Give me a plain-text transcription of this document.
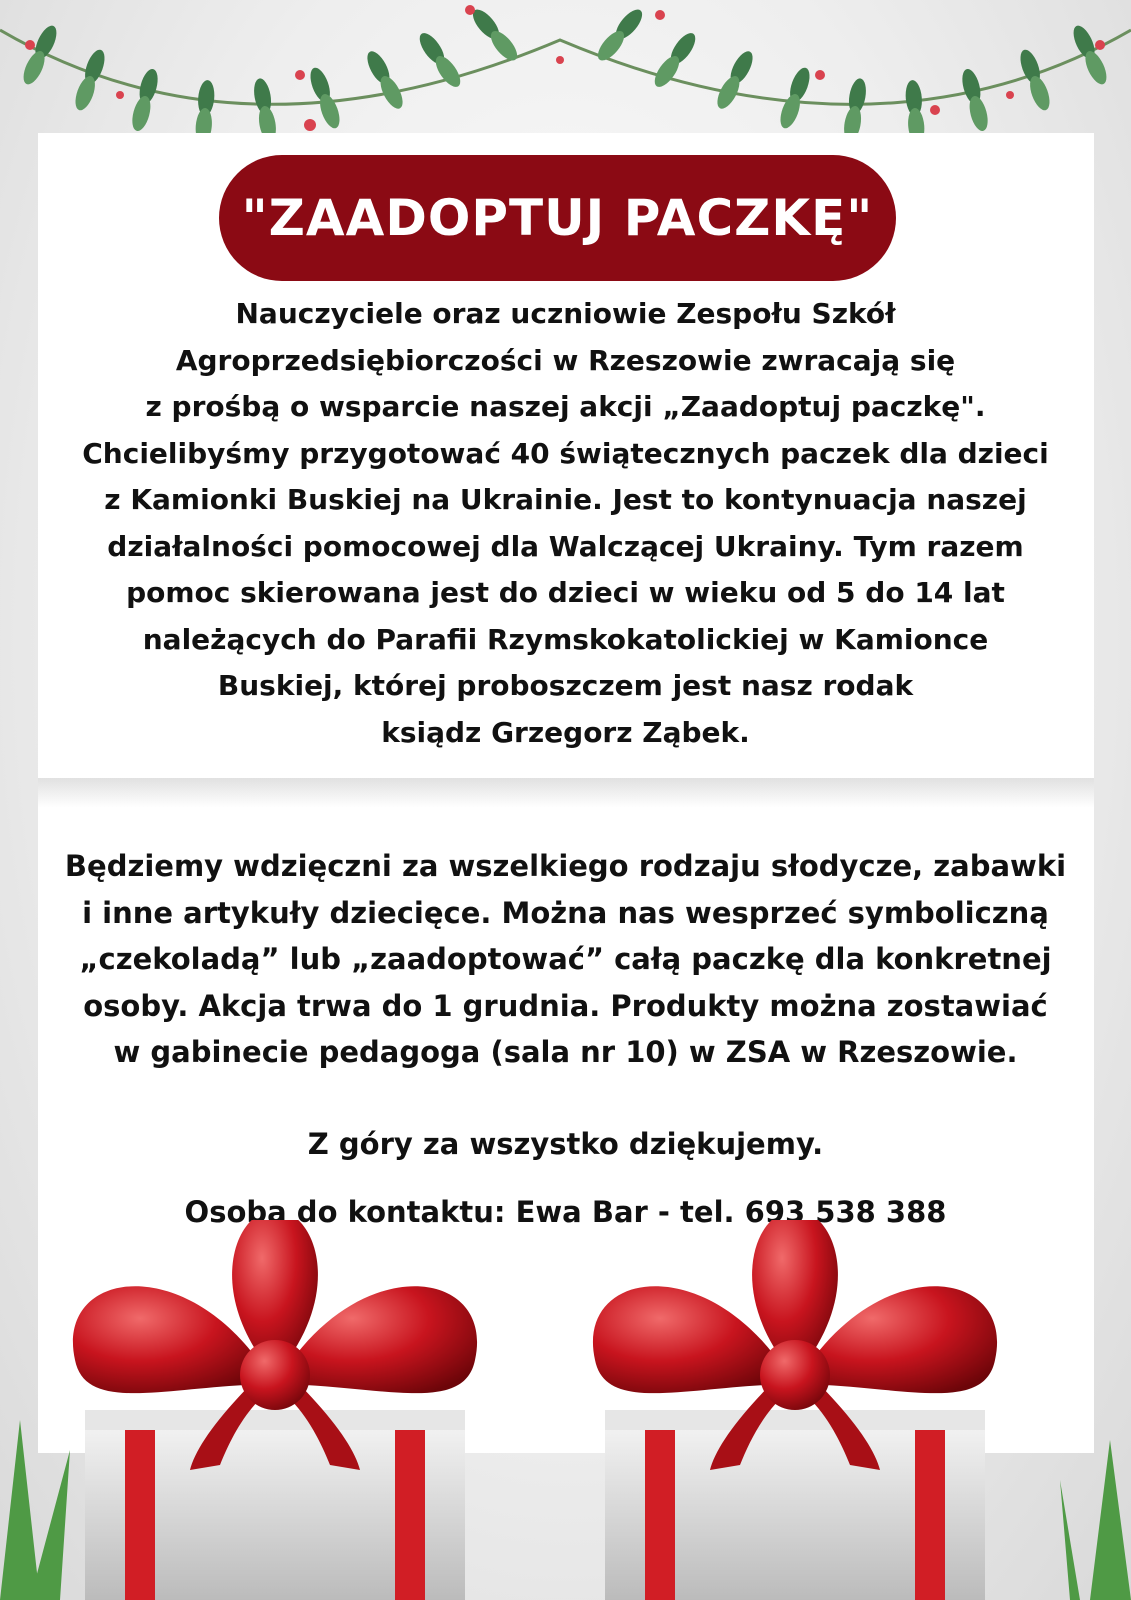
"ZAADOPTUJ PACZKĘ"
Nauczyciele oraz uczniowie Zespołu Szkół
Agroprzedsiębiorczości w Rzeszowie zwracają się
z prośbą o wsparcie naszej akcji „Zaadoptuj paczkę".
Chcielibyśmy przygotować 40 świątecznych paczek dla dzieci
z Kamionki Buskiej na Ukrainie. Jest to kontynuacja naszej
działalności pomocowej dla Walczącej Ukrainy. Tym razem
pomoc skierowana jest do dzieci w wieku od 5 do 14 lat
należących do Parafii Rzymskokatolickiej w Kamionce
Buskiej, której proboszczem jest nasz rodak
ksiądz Grzegorz Ząbek.
Będziemy wdzięczni za wszelkiego rodzaju słodycze, zabawki
i inne artykuły dziecięce. Można nas wesprzeć symboliczną
„czekoladą” lub „zaadoptować” całą paczkę dla konkretnej
osoby. Akcja trwa do 1 grudnia. Produkty można zostawiać
w gabinecie pedagoga (sala nr 10) w ZSA w Rzeszowie.
Z góry za wszystko dziękujemy.
Osoba do kontaktu: Ewa Bar - tel. 693 538 388
